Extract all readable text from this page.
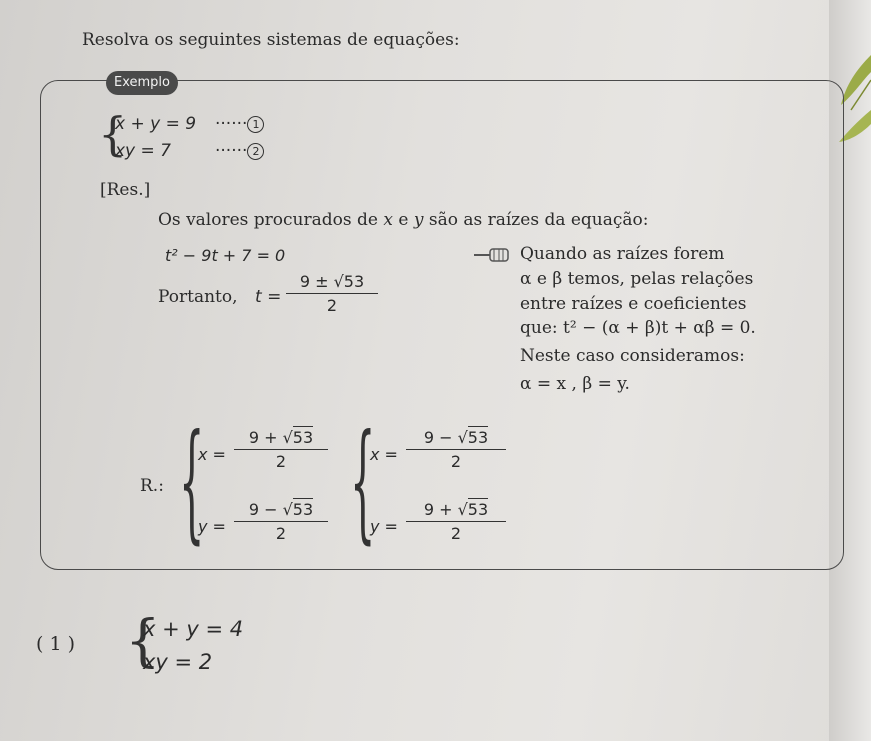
Resolva os seguintes sistemas de equações:
Exemplo
{
x + y = 9 ······ 1
xy = 7	······ 2
[Res.]
Os valores procurados de x e y são as raízes da equação:
t² − 9t + 7 = 0
Portanto, t =
9 ± √53
2
Quando as raízes forem
α e β temos, pelas relações
entre raízes e coeficientes
que: t² − (α + β)t + αβ = 0.
Neste caso consideramos:
α = x , β = y.
R.: {
x =
9 + √53
2
y =
9 − √53
2	{
x =
9 − √53
2
y =
9 + √53
2
( 1 ) {
x + y = 4
xy = 2
